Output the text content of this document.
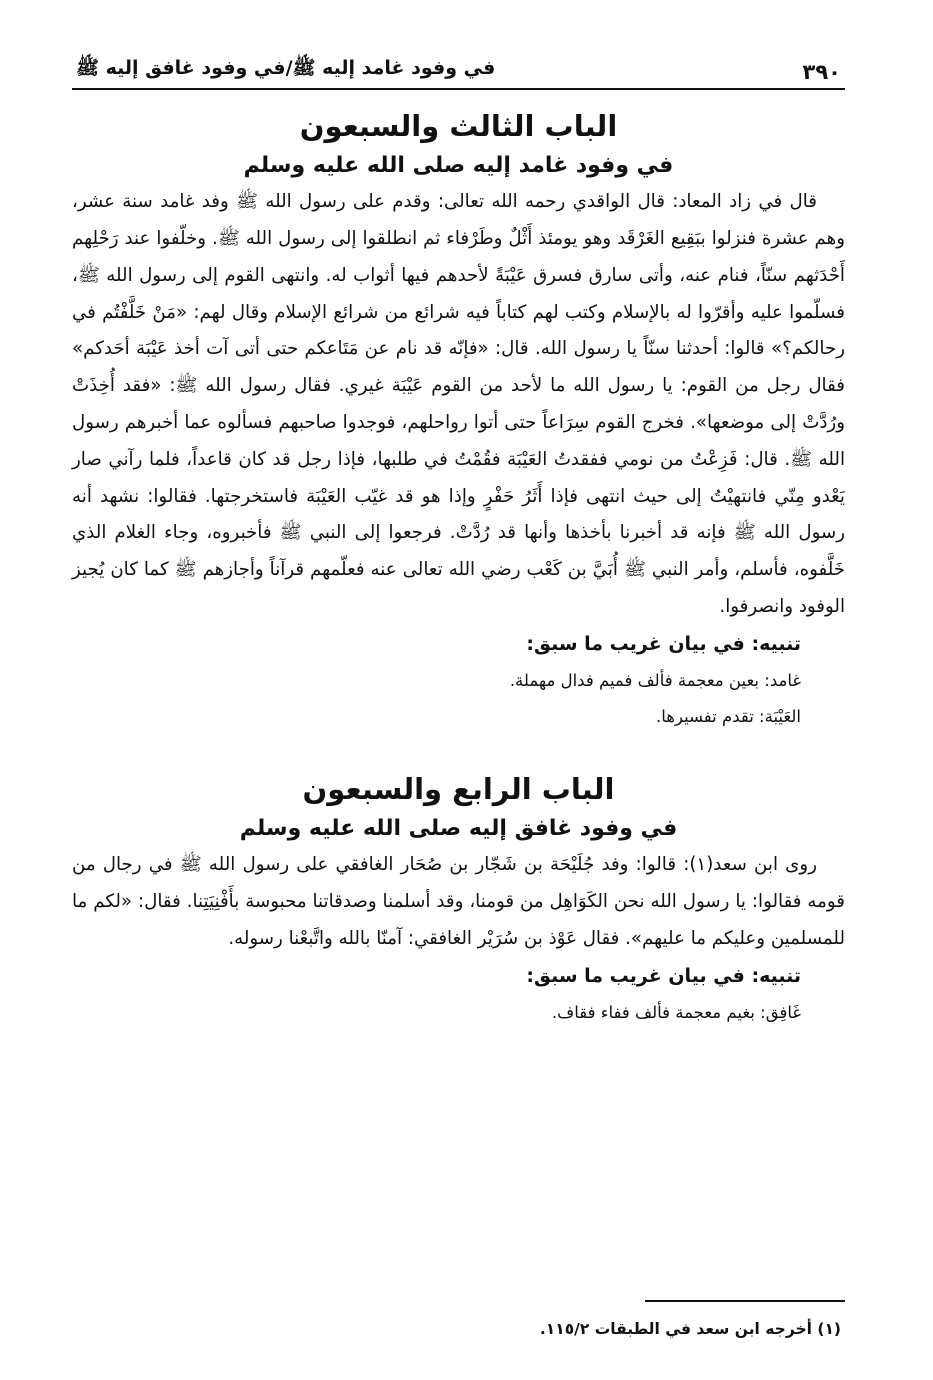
٣٩٠
في وفود غامد إليه ﷺ/في وفود غافق إليه ﷺ
الباب الثالث والسبعون
في وفود غامد إليه صلى الله عليه وسلم

قال في زاد المعاد: قال الواقدي رحمه الله تعالى: وقدم على رسول الله ﷺ وفد غامد سنة عشر، وهم عشرة فنزلوا ببَقِيع الغَرْقَد وهو يومئذ أَثْلٌ وطَرْفاء ثم انطلقوا إلى رسول الله ﷺ. وخلّفوا عند رَحْلِهم أَحْدَثهم سنّاً، فنام عنه، وأتى سارق فسرق عَيْبَةً لأحدهم فيها أثواب له. وانتهى القوم إلى رسول الله ﷺ، فسلّموا عليه وأقرّوا له بالإسلام وكتب لهم كتاباً فيه شرائع من شرائع الإسلام وقال لهم: «مَنْ خَلَّفْتُم في رحالكم؟» قالوا: أحدثنا سنّاً يا رسول الله. قال: «فإنّه قد نام عن مَتَاعكم حتى أتى آت أخذ عَيْبَة أحَدكم» فقال رجل من القوم: يا رسول الله ما لأحد من القوم عَيْبَة غيري. فقال رسول الله ﷺ: «فقد أُخِذَتْ ورُدَّتْ إلى موضعها». فخرج القوم سِرَاعاً حتى أتوا رواحلهم، فوجدوا صاحبهم فسألوه عما أخبرهم رسول الله ﷺ. قال: فَزِعْتُ من نومي ففقدتُ العَيْبَة فقُمْتُ في طلبها، فإذا رجل قد كان قاعداً، فلما رآني صار يَعْدو مِنّي فانتهيْتُ إلى حيث انتهى فإذا أَثَرُ حَفْرٍ وإذا هو قد غيّب العَيْبَة فاستخرجتها. فقالوا: نشهد أنه رسول الله ﷺ فإنه قد أخبرنا بأخذها وأنها قد رُدَّتْ. فرجعوا إلى النبي ﷺ فأخبروه، وجاء الغلام الذي خَلَّفوه، فأسلم، وأمر النبي ﷺ أُبَيَّ بن كَعْب رضي الله تعالى عنه فعلّمهم قرآناً وأجازهم ﷺ كما كان يُجيز الوفود وانصرفوا.

تنبيه: في بيان غريب ما سبق:
غامد: بعين معجمة فألف فميم فدال مهملة.
العَيْبَة: تقدم تفسيرها.
الباب الرابع والسبعون
في وفود غافق إليه صلى الله عليه وسلم

روى ابن سعد(١): قالوا: وفد جُلَيْحَة بن شَجّار بن صُحَار الغافقي على رسول الله ﷺ في رجال من قومه فقالوا: يا رسول الله نحن الكَوَاهِل من قومنا، وقد أسلمنا وصدقاتنا محبوسة بأَفْنِيَتِنا. فقال: «لكم ما للمسلمين وعليكم ما عليهم». فقال عَوْذ بن سُرَيْر الغافقي: آمنّا بالله واتَّبعْنا رسوله.

تنبيه: في بيان غريب ما سبق:
غَافِق: بغيم معجمة فألف ففاء فقاف.
(١) أخرجه ابن سعد في الطبقات ١١٥/٢.
